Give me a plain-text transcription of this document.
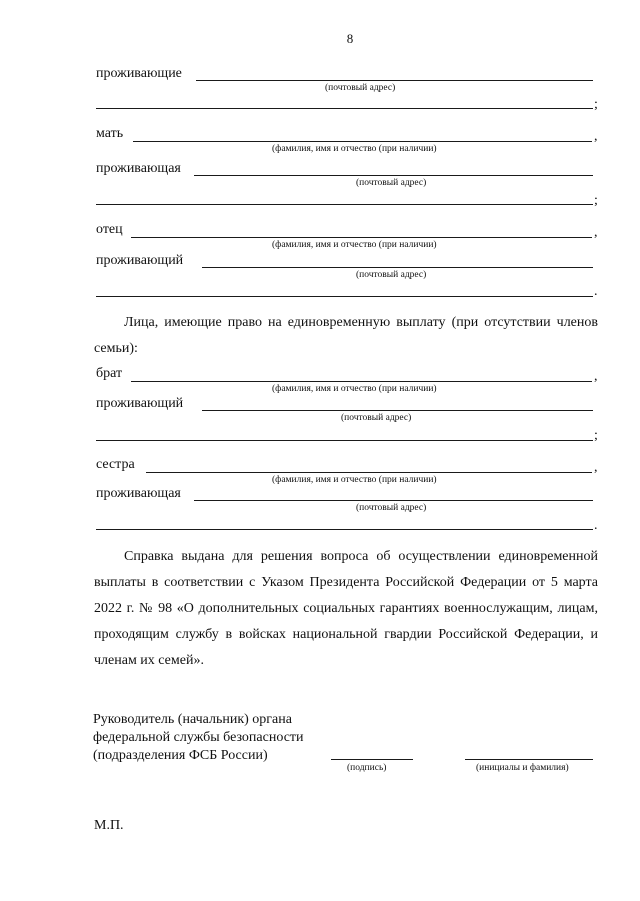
8
проживающие
(почтовый адрес)
;
мать	,
(фамилия, имя и отчество (при наличии)
проживающая
(почтовый адрес)
;
отец	,
(фамилия, имя и отчество (при наличии)
проживающий
(почтовый адрес)
.
Лица, имеющие право на единовременную выплату (при отсутствии членов семьи):
брат	,
(фамилия, имя и отчество (при наличии)
проживающий
(почтовый адрес)
;
сестра	,
(фамилия, имя и отчество (при наличии)
проживающая
(почтовый адрес)
.
Справка выдана для решения вопроса об осуществлении единовременной выплаты в соответствии с Указом Президента Российской Федерации от 5 марта 2022 г. № 98 «О дополнительных социальных гарантиях военнослужащим, лицам, проходящим службу в войсках национальной гвардии Российской Федерации, и членам их семей».
Руководитель (начальник) органа
федеральной службы безопасности
(подразделения ФСБ России)
(подпись)	(инициалы и фамилия)
М.П.
